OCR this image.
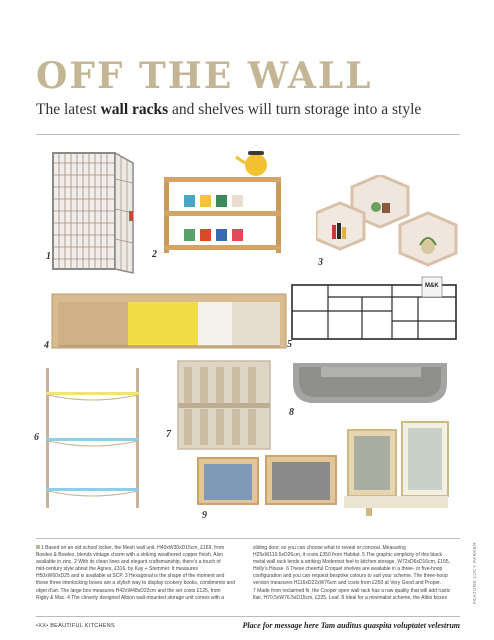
OFF THE WALL

The latest wall racks and shelves will turn storage into a style

1	2
3
4
M&K
5
6	7
8
9
1 Based on an old school locker, the Mesh wall unit, H40xW30xD15cm, £169, from
Bowles & Bowles, blends vintage charm with a striking weathered copper finish. Also
available in zinc. 2 With its clean lines and elegant craftsmanship, there's a touch of
mid-century style about the Agnes, £316, by Kay + Stemmer. It measures
H50xW60xD25 and is available at SCP. 3 Hexagonal is the shape of the moment and
these three interlocking boxes are a stylish way to display cookery books, condiments and
objet d'art. The large box measures H42xW48xD22cm and the set costs £125, from
Rigby & Mac. 4 The cleverly designed Albion wall-mounted storage unit comes with a

sliding door, so you can choose what to reveal or conceal. Measuring
H25xW110.5xD26cm, it costs £350 from Habitat. 5 The graphic simplicity of this black
metal wall rack lends a striking Modernist feel to kitchen storage, W72xD6xD16cm, £155,
Holly's House. 6 These cheerful Croquet shelves are available in a three- or five-hoop
configuration and you can request bespoke colours to suit your scheme. The three-hoop
version measures H116xD22xW76cm and costs from £250 at Very Good and Proper.
7 Made from reclaimed fir, the Cooper open wall rack has a raw quality that will add rustic
flair, H70.5xW76.5xD15cm, £225, Loaf. 8 Ideal for a minimalist scheme, the Albio boxes	FEATURE LUCY PARKER
•XX• BEAUTIFUL KITCHENS	Place for message here Tam auditus quaspita voluptatet velestrum
